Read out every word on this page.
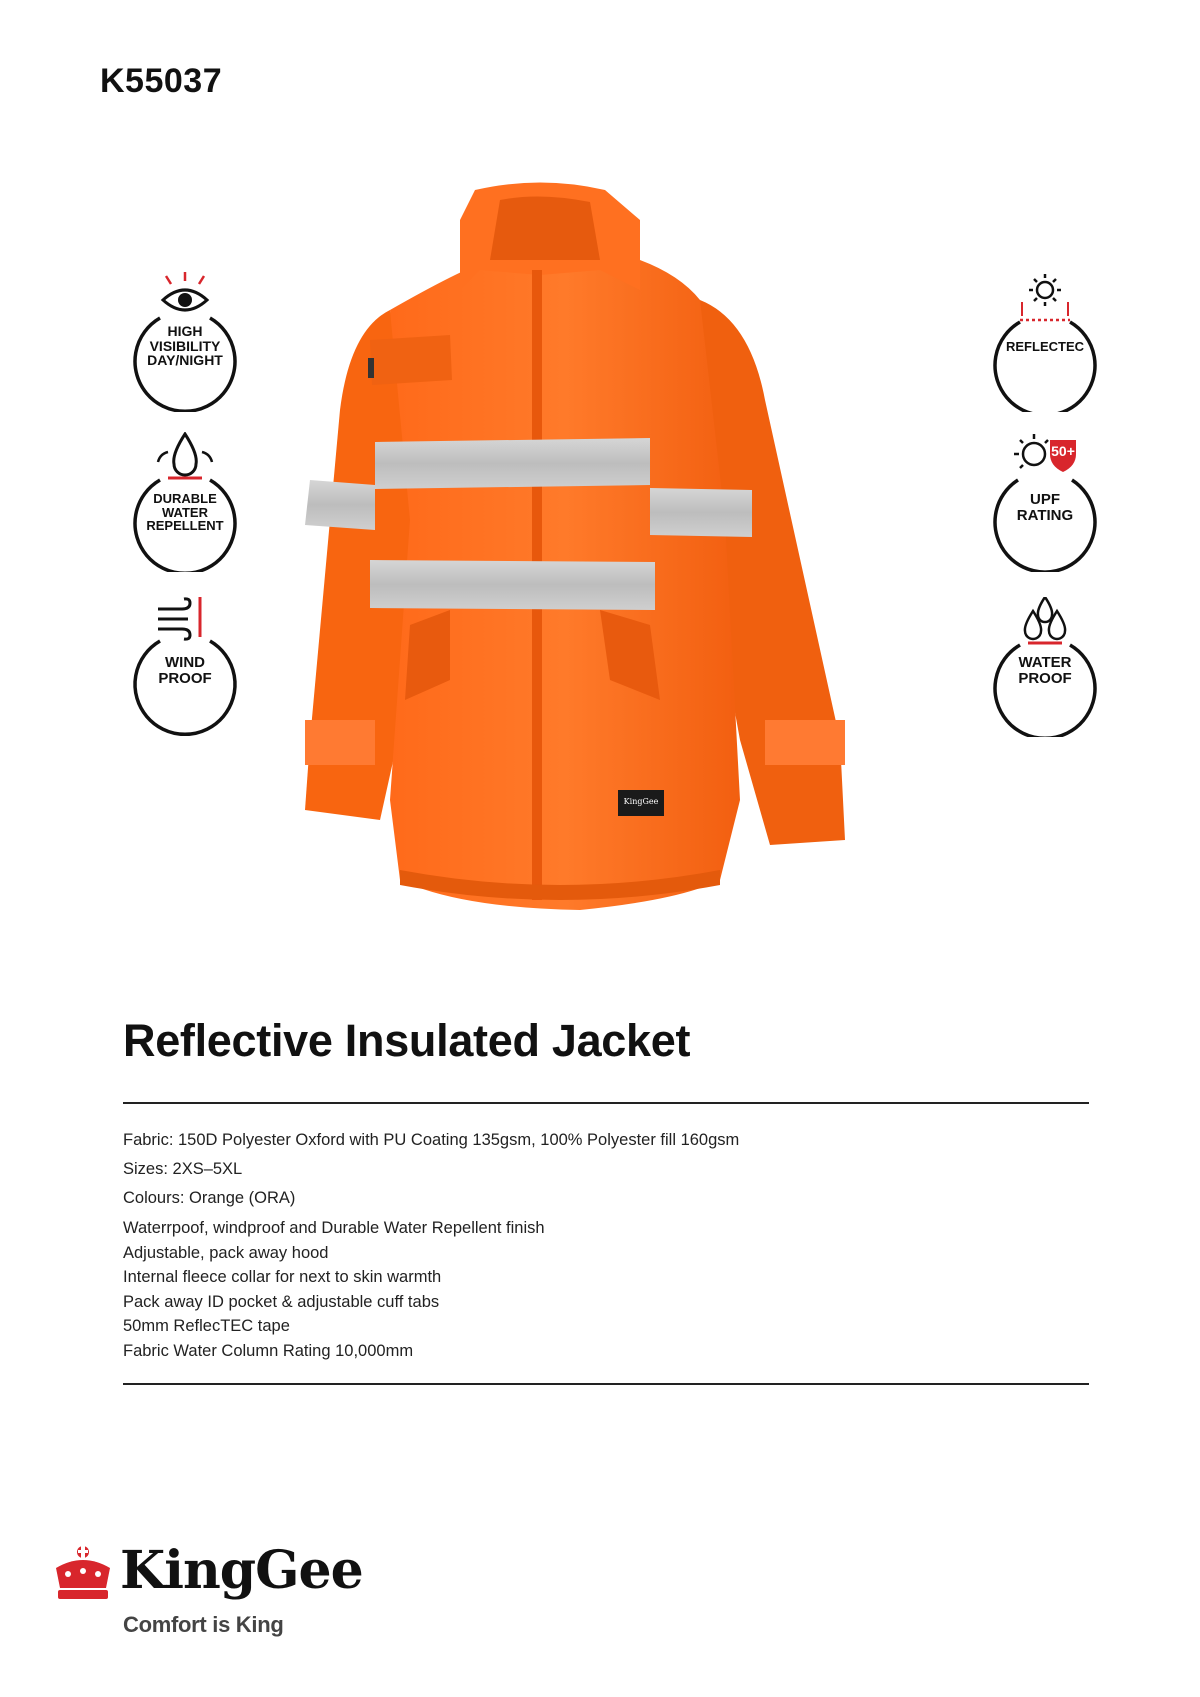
K55037
HIGH
VISIBILITY
DAY/NIGHT
DURABLE
WATER
REPELLENT
WIND
PROOF
REFLECTEC
50+
UPF
RATING
WATER
PROOF
KingGee
Reflective Insulated Jacket
Fabric: 150D Polyester Oxford with PU Coating 135gsm, 100% Polyester fill 160gsm
Sizes: 2XS–5XL
Colours: Orange (ORA)
Waterrpoof, windproof and Durable Water Repellent finish
Adjustable, pack away hood
Internal fleece collar for next to skin warmth
Pack away ID pocket & adjustable cuff tabs
50mm ReflecTEC tape
Fabric Water Column Rating 10,000mm
KingGee
Comfort is King
